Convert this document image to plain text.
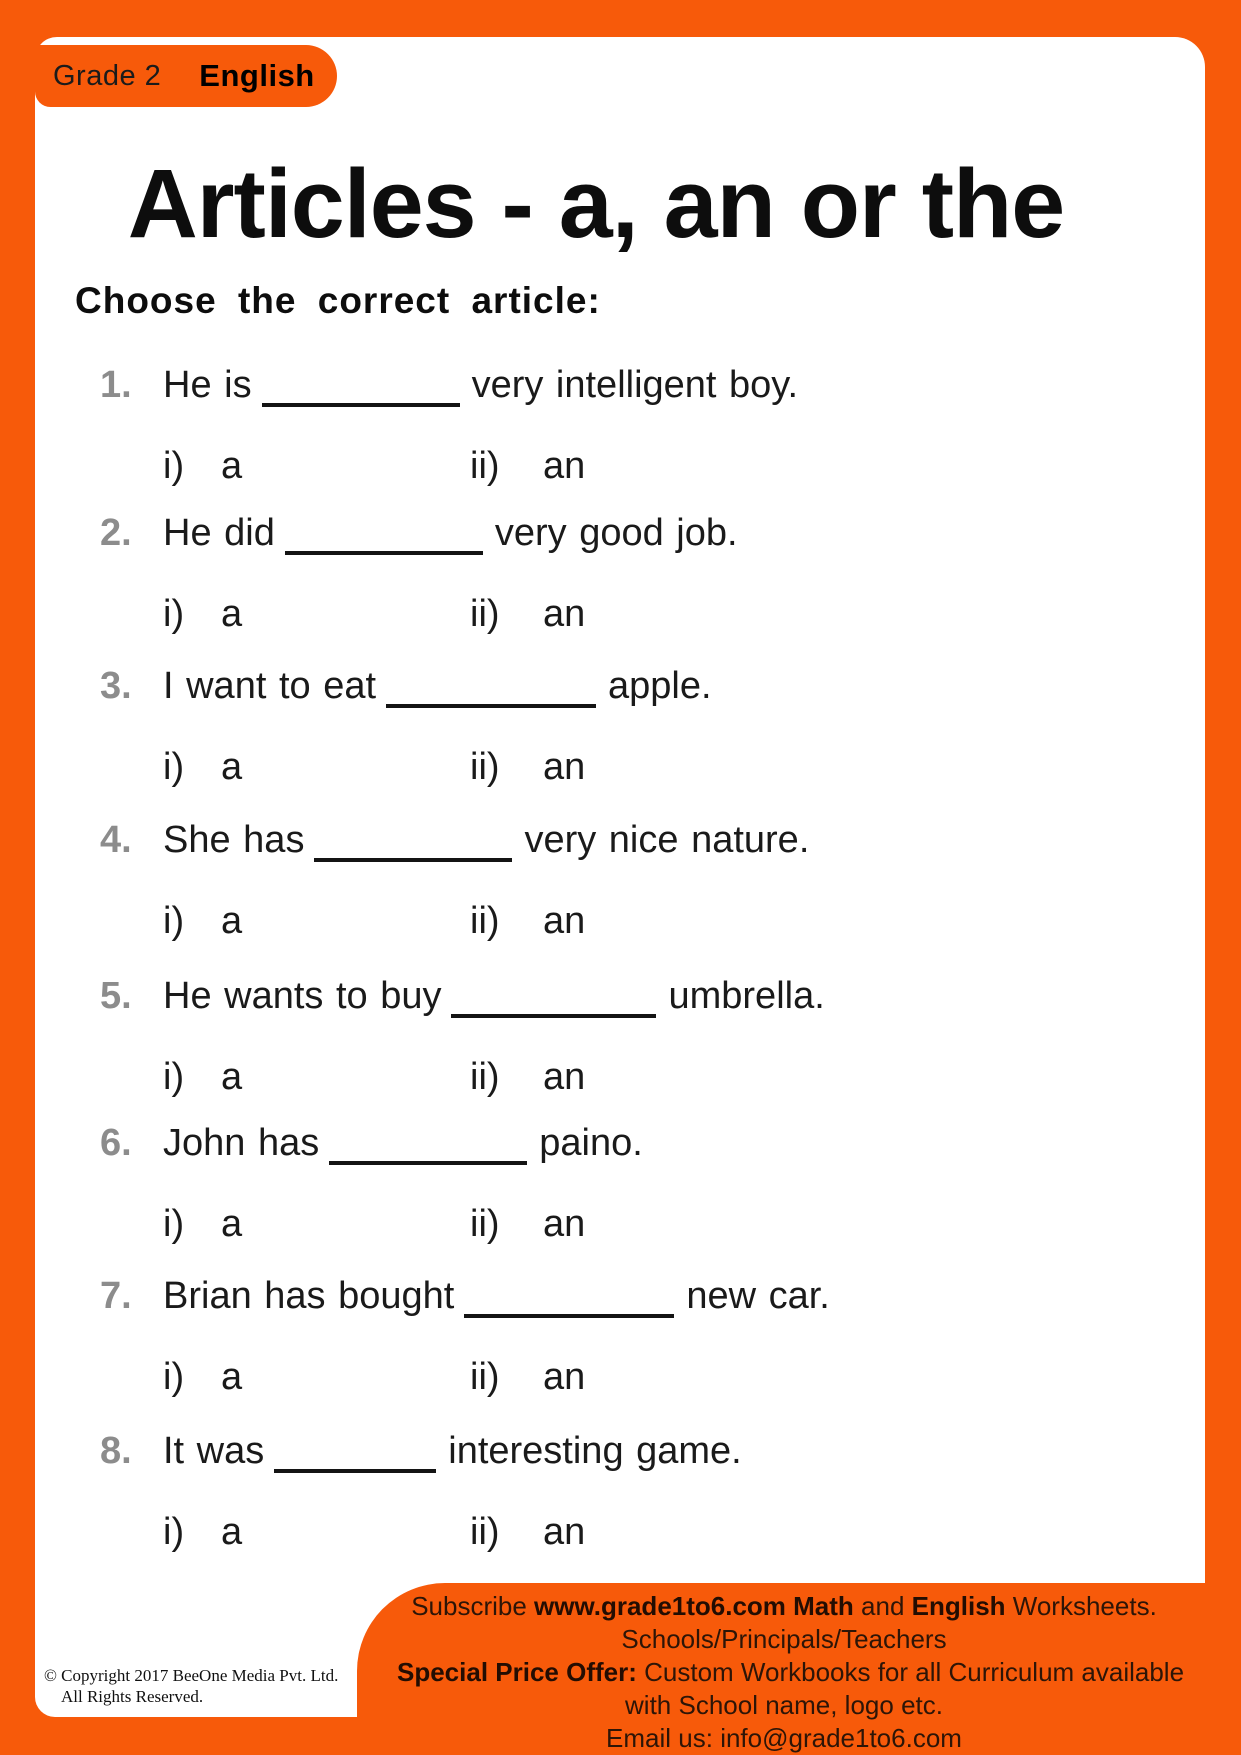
Grade 2 English
Articles - a, an or the
Choose the correct article:
1. He is	very intelligent boy.
i) a	ii) an
2. He did	very good job.
i) a	ii) an
3. I want to eat	apple.
i) a	ii) an
4. She has	very nice nature.
i) a	ii) an
5. He wants to buy	umbrella.
i) a	ii) an
6. John has	paino.
i) a	ii) an
7. Brian has bought	new car.
i) a	ii) an
8. It was	interesting game.
i) a	ii) an
© Copyright 2017 BeeOne Media Pvt. Ltd.
All Rights Reserved.
Subscribe www.grade1to6.com Math and English Worksheets.
Schools/Principals/Teachers
Special Price Offer: Custom Workbooks for all Curriculum available
with School name, logo etc.
Email us: info@grade1to6.com
